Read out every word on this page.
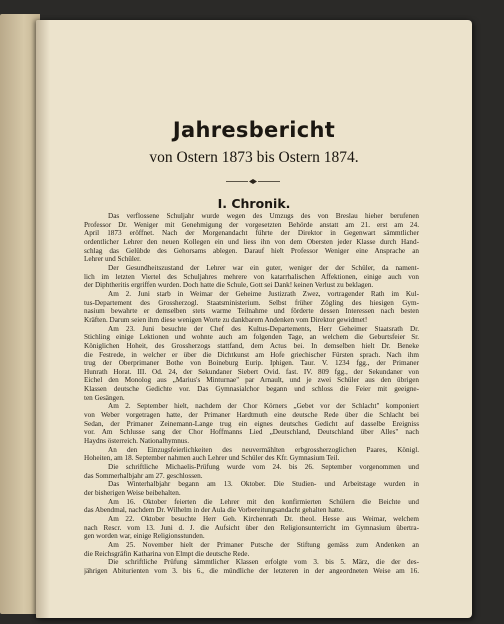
Jahresbericht
von Ostern 1873 bis Ostern 1874.
I. Chronik.
Das verflossene Schuljahr wurde wegen des Umzugs des von Breslau hieher berufenen
Professor Dr. Weniger mit Genehmigung der vorgesetzten Behörde anstatt am 21. erst am 24.
April 1873 eröffnet. Nach der Morgenandacht führte der Direktor in Gegenwart sämmtlicher
ordentlicher Lehrer den neuen Kollegen ein und liess ihn von dem Obersten jeder Klasse durch Hand-
schlag das Gelübde des Gehorsams ablegen. Darauf hielt Professor Weniger eine Ansprache an
Lehrer und Schüler.
Der Gesundheitszustand der Lehrer war ein guter, weniger der der Schüler, da nament-
lich im letzten Viertel des Schuljahres mehrere von katarrhalischen Affektionen, einige auch von
der Diphtheritis ergriffen wurden. Doch hatte die Schule, Gott sei Dank! keinen Verlust zu beklagen.
Am 2. Juni starb in Weimar der Geheime Justizrath Zwez, vortragender Rath im Kul-
tus-Departement des Grossherzogl. Staatsministerium. Selbst früher Zögling des hiesigen Gym-
nasium bewahrte er demselben stets warme Teilnahme und förderte dessen Interessen nach besten
Kräften. Darum seien ihm diese wenigen Worte zu dankbarem Andenken vom Direktor gewidmet!
Am 23. Juni besuchte der Chef des Kultus-Departements, Herr Geheimer Staatsrath Dr.
Stichling einige Lektionen und wohnte auch am folgenden Tage, an welchem die Geburtsfeier Sr.
Königlichen Hoheit, des Grossherzogs stattfand, dem Actus bei. In demselben hielt Dr. Beneke
die Festrede, in welcher er über die Dichtkunst am Hofe griechischer Fürsten sprach. Nach ihm
trug der Oberprimaner Bothe von Boineburg Eurip. Iphigen. Taur. V. 1234 fgg., der Primaner
Hunrath Horat. III. Od. 24, der Sekundaner Siebert Ovid. fast. IV. 809 fgg., der Sekundaner von
Eichel den Monolog aus „Marius's Minturnae" par Arnault, und je zwei Schüler aus den übrigen
Klassen deutsche Gedichte vor. Das Gymnasialchor begann und schloss die Feier mit geeigne-
ten Gesängen.
Am 2. September hielt, nachdem der Chor Körners „Gebet vor der Schlacht" komponiert
von Weber vorgetragen hatte, der Primaner Hardtmuth eine deutsche Rede über die Schlacht bei
Sedan, der Primaner Zeinemann-Lange trug ein eignes deutsches Gedicht auf dasselbe Ereigniss
vor. Am Schlusse sang der Chor Hoffmanns Lied „Deutschland, Deutschland über Alles" nach
Haydns österreich. Nationalhymnus.
An den Einzugsfeierlichkeiten des neuvermählten erbgrossherzoglichen Paares, Königl.
Hoheiten, am 18. September nahmen auch Lehrer und Schüler des Kfr. Gymnasium Teil.
Die schriftliche Michaelis-Prüfung wurde vom 24. bis 26. September vorgenommen und
das Sommerhalbjahr am 27. geschlossen.
Das Winterhalbjahr begann am 13. Oktober. Die Studien- und Arbeitstage wurden in
der bisherigen Weise beibehalten.
Am 16. Oktober feierten die Lehrer mit den konfirmierten Schülern die Beichte und
das Abendmal, nachdem Dr. Wilhelm in der Aula die Vorbereitungsandacht gehalten hatte.
Am 22. Oktober besuchte Herr Geh. Kirchenrath Dr. theol. Hesse aus Weimar, welchem
nach Rescr. vom 13. Juni d. J. die Aufsicht über den Religionsunterricht im Gymnasium übertra-
gen worden war, einige Religionsstunden.
Am 25. November hielt der Primaner Putsche der Stiftung gemäss zum Andenken an
die Reichsgräfin Katharina von Elmpt die deutsche Rede.
Die schriftliche Prüfung sämmtlicher Klassen erfolgte vom 3. bis 5. März, die der des-
jährigen Abiturienten vom 3. bis 6., die mündliche der letzteren in der angeordneten Weise am 16.
